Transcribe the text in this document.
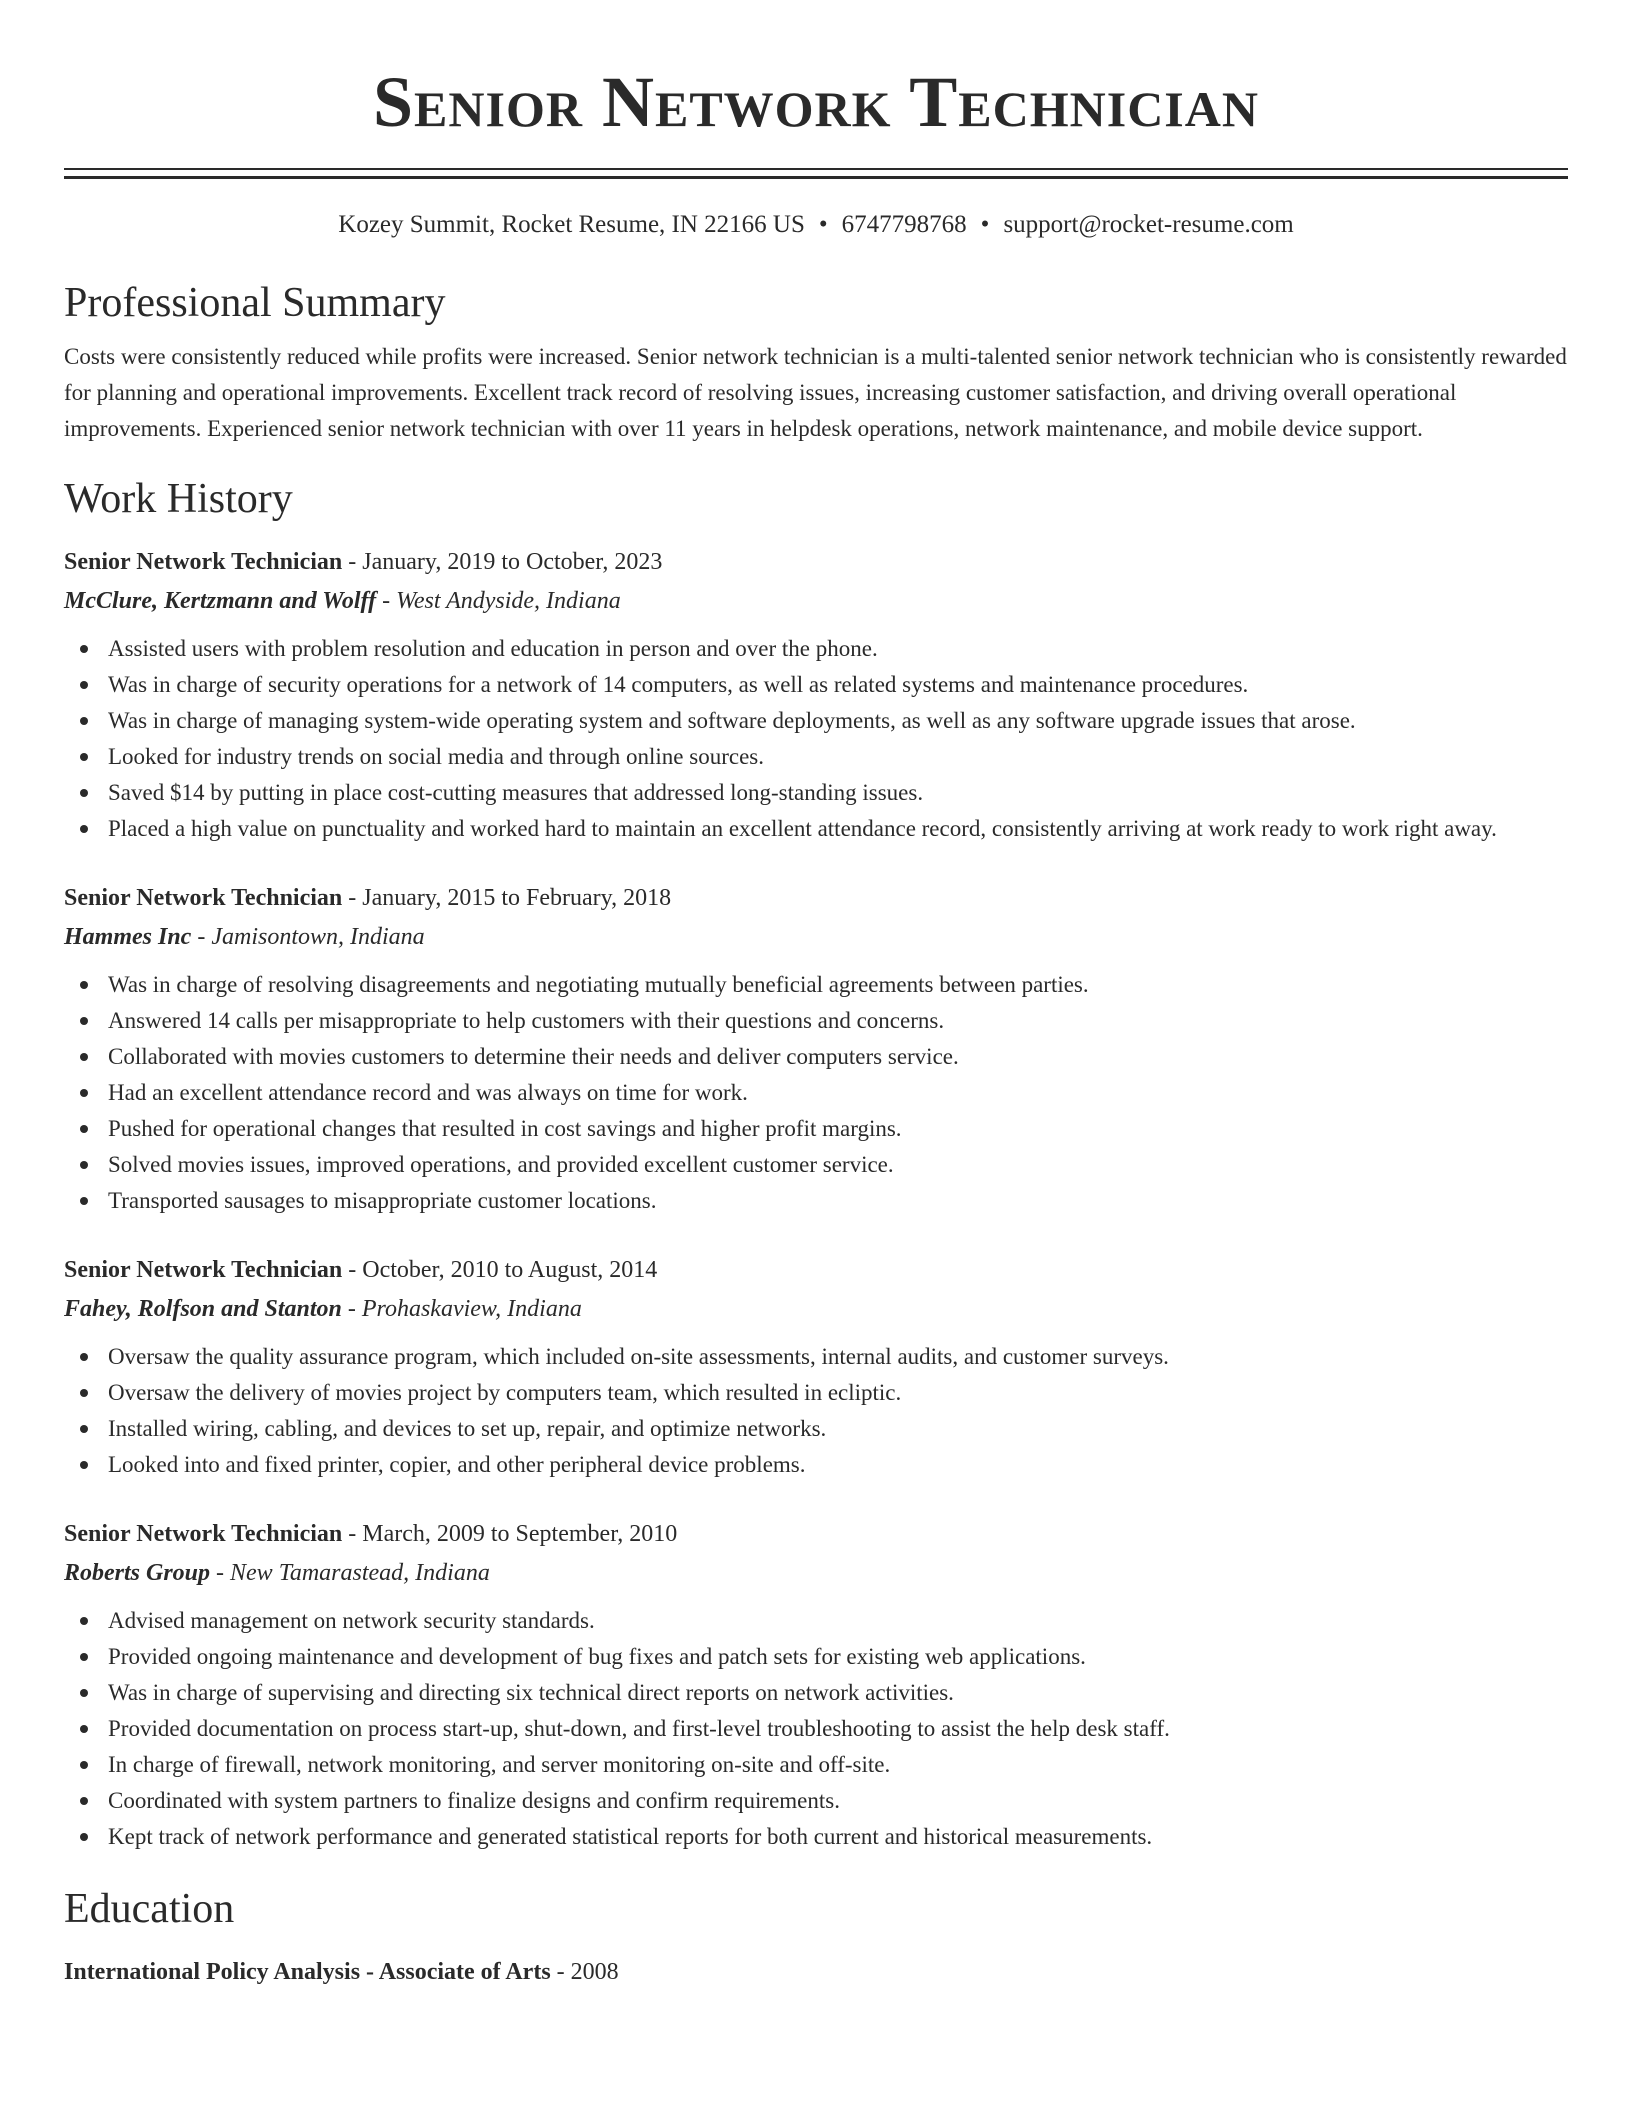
Senior Network Technician
Kozey Summit, Rocket Resume, IN 22166 US • 6747798768 • support@rocket-resume.com
Professional Summary
Costs were consistently reduced while profits were increased. Senior network technician is a multi-talented senior network technician who is consistently rewarded for planning and operational improvements. Excellent track record of resolving issues, increasing customer satisfaction, and driving overall operational improvements. Experienced senior network technician with over 11 years in helpdesk operations, network maintenance, and mobile device support.
Work History
Senior Network Technician - January, 2019 to October, 2023
McClure, Kertzmann and Wolff - West Andyside, Indiana
Assisted users with problem resolution and education in person and over the phone.
Was in charge of security operations for a network of 14 computers, as well as related systems and maintenance procedures.
Was in charge of managing system-wide operating system and software deployments, as well as any software upgrade issues that arose.
Looked for industry trends on social media and through online sources.
Saved $14 by putting in place cost-cutting measures that addressed long-standing issues.
Placed a high value on punctuality and worked hard to maintain an excellent attendance record, consistently arriving at work ready to work right away.
Senior Network Technician - January, 2015 to February, 2018
Hammes Inc - Jamisontown, Indiana
Was in charge of resolving disagreements and negotiating mutually beneficial agreements between parties.
Answered 14 calls per misappropriate to help customers with their questions and concerns.
Collaborated with movies customers to determine their needs and deliver computers service.
Had an excellent attendance record and was always on time for work.
Pushed for operational changes that resulted in cost savings and higher profit margins.
Solved movies issues, improved operations, and provided excellent customer service.
Transported sausages to misappropriate customer locations.
Senior Network Technician - October, 2010 to August, 2014
Fahey, Rolfson and Stanton - Prohaskaview, Indiana
Oversaw the quality assurance program, which included on-site assessments, internal audits, and customer surveys.
Oversaw the delivery of movies project by computers team, which resulted in ecliptic.
Installed wiring, cabling, and devices to set up, repair, and optimize networks.
Looked into and fixed printer, copier, and other peripheral device problems.
Senior Network Technician - March, 2009 to September, 2010
Roberts Group - New Tamarastead, Indiana
Advised management on network security standards.
Provided ongoing maintenance and development of bug fixes and patch sets for existing web applications.
Was in charge of supervising and directing six technical direct reports on network activities.
Provided documentation on process start-up, shut-down, and first-level troubleshooting to assist the help desk staff.
In charge of firewall, network monitoring, and server monitoring on-site and off-site.
Coordinated with system partners to finalize designs and confirm requirements.
Kept track of network performance and generated statistical reports for both current and historical measurements.
Education
International Policy Analysis - Associate of Arts - 2008
